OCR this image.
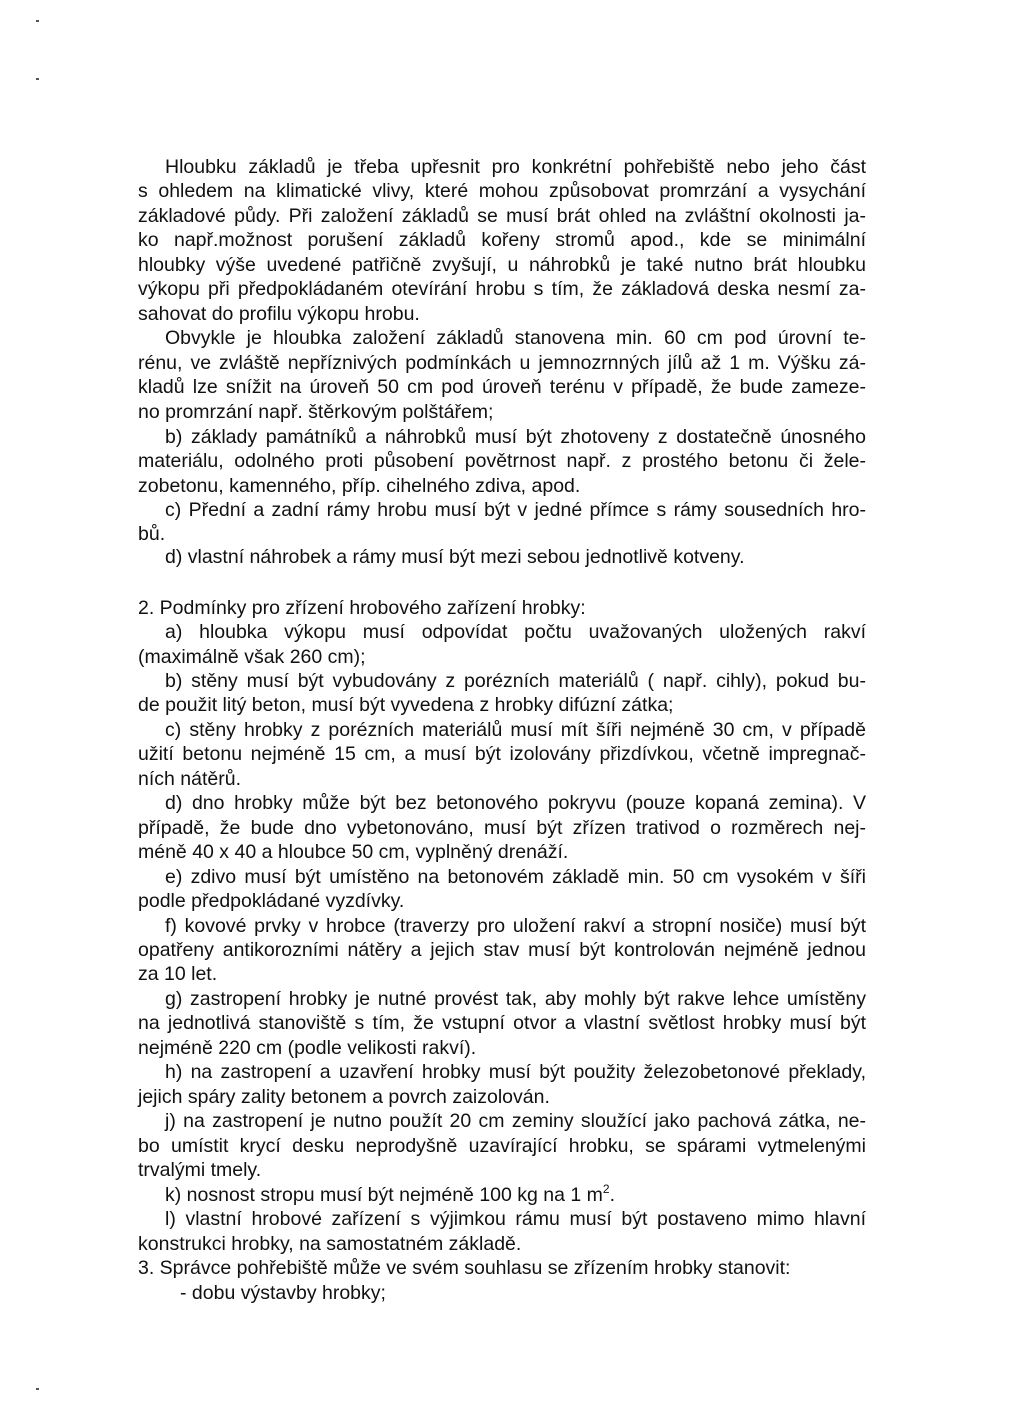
Hloubku základů je třeba upřesnit pro konkrétní pohřebiště nebo jeho část
s ohledem na klimatické vlivy, které mohou způsobovat promrzání a vysychání
základové půdy. Při založení základů se musí brát ohled na zvláštní okolnosti ja-
ko např.možnost porušení základů kořeny stromů apod., kde se minimální
hloubky výše uvedené patřičně zvyšují, u náhrobků je také nutno brát hloubku
výkopu při předpokládaném otevírání hrobu s tím, že základová deska nesmí za-
sahovat do profilu výkopu hrobu.
Obvykle je hloubka založení základů stanovena min. 60 cm pod úrovní te-
rénu, ve zvláště nepříznivých podmínkách u jemnozrnných jílů až 1 m. Výšku zá-
kladů lze snížit na úroveň 50 cm pod úroveň terénu v případě, že bude zameze-
no promrzání např. štěrkovým polštářem;
b) základy památníků a náhrobků musí být zhotoveny z dostatečně únosného
materiálu, odolného proti působení povětrnost např. z prostého betonu či želе-
zobetonu, kamenného, příp. cihelného zdiva, apod.
c) Přední a zadní rámy hrobu musí být v jedné přímce s rámy sousedních hro-
bů.
d) vlastní náhrobek a rámy musí být mezi sebou jednotlivě kotveny.
2. Podmínky pro zřízení hrobového zařízení hrobky:
a) hloubka výkopu musí odpovídat počtu uvažovaných uložených rakví
(maximálně však 260 cm);
b) stěny musí být vybudovány z porézních materiálů ( např. cihly), pokud bu-
de použit litý beton, musí být vyvedena z hrobky difúzní zátka;
c) stěny hrobky z porézních materiálů musí mít šíři nejméně 30 cm, v případě
užití betonu nejméně 15 cm, a musí být izolovány přizdívkou, včetně impregnač-
ních nátěrů.
d) dno hrobky může být bez betonového pokryvu (pouze kopaná zemina). V
případě, že bude dno vybetonováno, musí být zřízen trativod o rozměrech nej-
méně 40 x 40 a hloubce 50 cm, vyplněný drenáží.
e) zdivo musí být umístěno na betonovém základě min. 50 cm vysokém v šíři
podle předpokládané vyzdívky.
f) kovové prvky v hrobce (traverzy pro uložení rakví a stropní nosiče) musí být
opatřeny antikorozními nátěry a jejich stav musí být kontrolován nejméně jednou
za 10 let.
g) zastropení hrobky je nutné provést tak, aby mohly být rakve lehce umístěny
na jednotlivá stanoviště s tím, že vstupní otvor a vlastní světlost hrobky musí být
nejméně 220 cm (podle velikosti rakví).
h) na zastropení a uzavření hrobky musí být použity železobetonové překlady,
jejich spáry zality betonem a povrch zaizolován.
j) na zastropení je nutno použít 20 cm zeminy sloužící jako pachová zátka, ne-
bo umístit krycí desku neprodyšně uzavírající hrobku, se spárami vytmelenými
trvalými tmely.
k) nosnost stropu musí být nejméně 100 kg na 1 $m^2$.
l) vlastní hrobové zařízení s výjimkou rámu musí být postaveno mimo hlavní
konstrukci hrobky, na samostatném základě.
3. Správce pohřebiště může ve svém souhlasu se zřízením hrobky stanovit:
- dobu výstavby hrobky;
